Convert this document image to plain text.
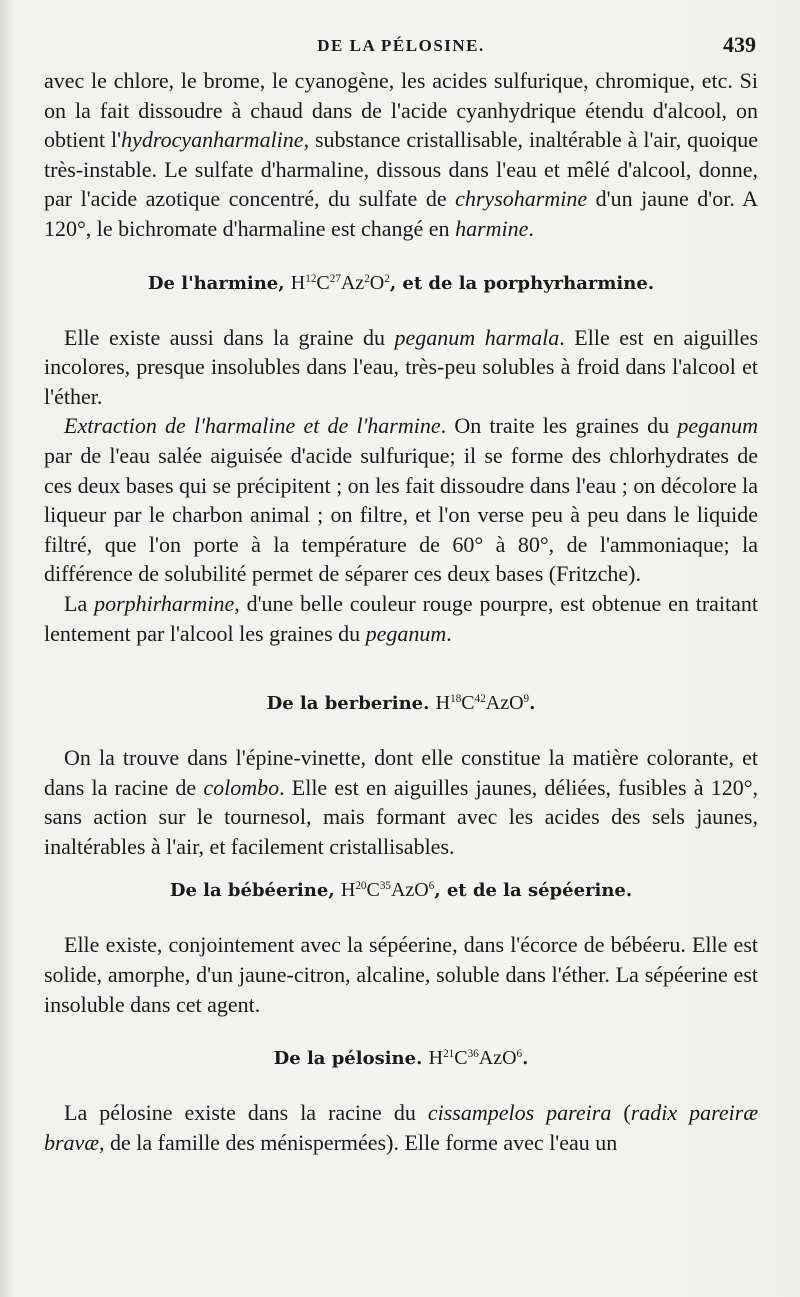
DE LA PÉLOSINE.	439

avec le chlore, le brome, le cyanogène, les acides sulfurique, chromique, etc. Si on la fait dissoudre à chaud dans de l'acide cyanhydrique étendu d'alcool, on obtient l'hydrocyanharmaline, substance cristallisable, inaltérable à l'air, quoique très-instable. Le sulfate d'harmaline, dissous dans l'eau et mêlé d'alcool, donne, par l'acide azotique concentré, du sulfate de chrysoharmine d'un jaune d'or. A 120°, le bichromate d'harmaline est changé en harmine.

De l'harmine, $H^{12}C^{27}Az^2O^2$, et de la porphyrharmine.

Elle existe aussi dans la graine du peganum harmala. Elle est en aiguilles incolores, presque insolubles dans l'eau, très-peu solubles à froid dans l'alcool et l'éther.

Extraction de l'harmaline et de l'harmine. On traite les graines du peganum par de l'eau salée aiguisée d'acide sulfurique; il se forme des chlorhydrates de ces deux bases qui se précipitent ; on les fait dissoudre dans l'eau ; on décolore la liqueur par le charbon animal ; on filtre, et l'on verse peu à peu dans le liquide filtré, que l'on porte à la température de 60° à 80°, de l'ammoniaque; la différence de solubilité permet de séparer ces deux bases (Fritzche).

La porphirharmine, d'une belle couleur rouge pourpre, est obtenue en traitant lentement par l'alcool les graines du peganum.

De la berberine. $H^{18}C^{42}AzO^9$.

On la trouve dans l'épine-vinette, dont elle constitue la matière colorante, et dans la racine de colombo. Elle est en aiguilles jaunes, déliées, fusibles à 120°, sans action sur le tournesol, mais formant avec les acides des sels jaunes, inaltérables à l'air, et facilement cristallisables.

De la bébéerine, $H^{20}C^{35}AzO^6$, et de la sépéerine.

Elle existe, conjointement avec la sépéerine, dans l'écorce de bébéeru. Elle est solide, amorphe, d'un jaune-citron, alcaline, soluble dans l'éther. La sépéerine est insoluble dans cet agent.

De la pélosine. $H^{21}C^{36}AzO^6$.

La pélosine existe dans la racine du cissampelos pareira (radix pareiræ bravæ, de la famille des ménispermées). Elle forme avec l'eau un
